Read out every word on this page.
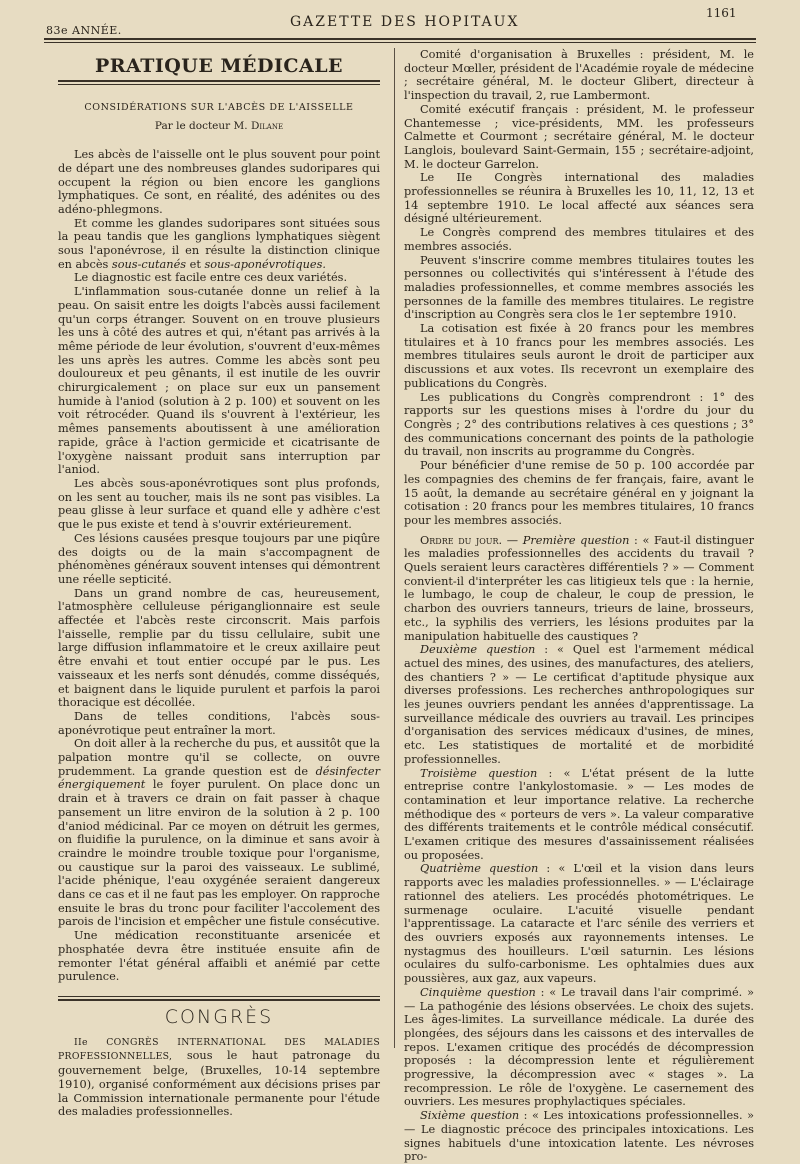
83e ANNÉE.
GAZETTE DES HOPITAUX
1161
PRATIQUE MÉDICALE
CONSIDÉRATIONS SUR L'ABCÈS DE L'AISSELLE
Par le docteur M. Dilane

Les abcès de l'aisselle ont le plus souvent pour point de départ une des nombreuses glandes sudoripares qui occupent la région ou bien encore les ganglions lymphatiques. Ce sont, en réalité, des adénites ou des adéno-phlegmons.

Et comme les glandes sudoripares sont situées sous la peau tandis que les ganglions lymphatiques siègent sous l'aponévrose, il en résulte la distinction clinique en abcès sous-cutanés et sous-aponévrotiques.

Le diagnostic est facile entre ces deux variétés.

L'inflammation sous-cutanée donne un relief à la peau. On saisit entre les doigts l'abcès aussi facilement qu'un corps étranger. Souvent on en trouve plusieurs les uns à côté des autres et qui, n'étant pas arrivés à la même période de leur évolution, s'ouvrent d'eux-mêmes les uns après les autres. Comme les abcès sont peu douloureux et peu gênants, il est inutile de les ouvrir chirurgicalement ; on place sur eux un pansement humide à l'aniod (solution à 2 p. 100) et souvent on les voit rétrocéder. Quand ils s'ouvrent à l'extérieur, les mêmes pansements aboutissent à une amélioration rapide, grâce à l'action germicide et cicatrisante de l'oxygène naissant produit sans interruption par l'aniod.

Les abcès sous-aponévrotiques sont plus profonds, on les sent au toucher, mais ils ne sont pas visibles. La peau glisse à leur surface et quand elle y adhère c'est que le pus existe et tend à s'ouvrir extérieurement.

Ces lésions causées presque toujours par une piqûre des doigts ou de la main s'accompagnent de phénomènes généraux souvent intenses qui démontrent une réelle septicité.

Dans un grand nombre de cas, heureusement, l'atmosphère celluleuse périganglionnaire est seule affectée et l'abcès reste circonscrit. Mais parfois l'aisselle, remplie par du tissu cellulaire, subit une large diffusion inflammatoire et le creux axillaire peut être envahi et tout entier occupé par le pus. Les vaisseaux et les nerfs sont dénudés, comme disséqués, et baignent dans le liquide purulent et parfois la paroi thoracique est décollée.

Dans de telles conditions, l'abcès sous-aponévrotique peut entraîner la mort.

On doit aller à la recherche du pus, et aussitôt que la palpation montre qu'il se collecte, on ouvre prudemment. La grande question est de désinfecter énergiquement le foyer purulent. On place donc un drain et à travers ce drain on fait passer à chaque pansement un litre environ de la solution à 2 p. 100 d'aniod médicinal. Par ce moyen on détruit les germes, on fluidifie la purulence, on la diminue et sans avoir à craindre le moindre trouble toxique pour l'organisme, ou caustique sur la paroi des vaisseaux. Le sublimé, l'acide phénique, l'eau oxygénée seraient dangereux dans ce cas et il ne faut pas les employer. On rapproche ensuite le bras du tronc pour faciliter l'accolement des parois de l'incision et empêcher une fistule consécutive.

Une médication reconstituante arsenicée et phosphatée devra être instituée ensuite afin de remonter l'état général affaibli et anémié par cette purulence.

CONGRÈS

IIe CONGRÈS INTERNATIONAL DES MALADIES PROFESSIONNELLES, sous le haut patronage du gouvernement belge, (Bruxelles, 10-14 septembre 1910), organisé conformément aux décisions prises par la Commission internationale permanente pour l'étude des maladies professionnelles.

Comité d'organisation à Bruxelles : président, M. le docteur Mœller, président de l'Académie royale de médecine ; secrétaire général, M. le docteur Glibert, directeur à l'inspection du travail, 2, rue Lambermont.

Comité exécutif français : président, M. le professeur Chantemesse ; vice-présidents, MM. les professeurs Calmette et Courmont ; secrétaire général, M. le docteur Langlois, boulevard Saint-Germain, 155 ; secrétaire-adjoint, M. le docteur Garrelon.

Le IIe Congrès international des maladies professionnelles se réunira à Bruxelles les 10, 11, 12, 13 et 14 septembre 1910. Le local affecté aux séances sera désigné ultérieurement.

Le Congrès comprend des membres titulaires et des membres associés.

Peuvent s'inscrire comme membres titulaires toutes les personnes ou collectivités qui s'intéressent à l'étude des maladies professionnelles, et comme membres associés les personnes de la famille des membres titulaires. Le registre d'inscription au Congrès sera clos le 1er septembre 1910.

La cotisation est fixée à 20 francs pour les membres titulaires et à 10 francs pour les membres associés. Les membres titulaires seuls auront le droit de participer aux discussions et aux votes. Ils recevront un exemplaire des publications du Congrès.

Les publications du Congrès comprendront : 1° des rapports sur les questions mises à l'ordre du jour du Congrès ; 2° des contributions relatives à ces questions ; 3° des communications concernant des points de la pathologie du travail, non inscrits au programme du Congrès.

Pour bénéficier d'une remise de 50 p. 100 accordée par les compagnies des chemins de fer français, faire, avant le 15 août, la demande au secrétaire général en y joignant la cotisation : 20 francs pour les membres titulaires, 10 francs pour les membres associés.

Ordre du jour. — Première question : « Faut-il distinguer les maladies professionnelles des accidents du travail ? Quels seraient leurs caractères différentiels ? » — Comment convient-il d'interpréter les cas litigieux tels que : la hernie, le lumbago, le coup de chaleur, le coup de pression, le charbon des ouvriers tanneurs, trieurs de laine, brosseurs, etc., la syphilis des verriers, les lésions produites par la manipulation habituelle des caustiques ?

Deuxième question : « Quel est l'armement médical actuel des mines, des usines, des manufactures, des ateliers, des chantiers ? » — Le certificat d'aptitude physique aux diverses professions. Les recherches anthropologiques sur les jeunes ouvriers pendant les années d'apprentissage. La surveillance médicale des ouvriers au travail. Les principes d'organisation des services médicaux d'usines, de mines, etc. Les statistiques de mortalité et de morbidité professionnelles.

Troisième question : « L'état présent de la lutte entreprise contre l'ankylostomasie. » — Les modes de contamination et leur importance relative. La recherche méthodique des « porteurs de vers ». La valeur comparative des différents traitements et le contrôle médical consécutif. L'examen critique des mesures d'assainissement réalisées ou proposées.

Quatrième question : « L'œil et la vision dans leurs rapports avec les maladies professionnelles. » — L'éclairage rationnel des ateliers. Les procédés photométriques. Le surmenage oculaire. L'acuité visuelle pendant l'apprentissage. La cataracte et l'arc sénile des verriers et des ouvriers exposés aux rayonnements intenses. Le nystagmus des houilleurs. L'œil saturnin. Les lésions oculaires du sulfo-carbonisme. Les ophtalmies dues aux poussières, aux gaz, aux vapeurs.

Cinquième question : « Le travail dans l'air comprimé. » — La pathogénie des lésions observées. Le choix des sujets. Les âges-limites. La surveillance médicale. La durée des plongées, des séjours dans les caissons et des intervalles de repos. L'examen critique des procédés de décompression proposés : la décompression lente et régulièrement progressive, la décompression avec « stages ». La recompression. Le rôle de l'oxygène. Le casernement des ouvriers. Les mesures prophylactiques spéciales.

Sixième question : « Les intoxications professionnelles. » — Le diagnostic précoce des principales intoxications. Les signes habituels d'une intoxication latente. Les névroses pro-
